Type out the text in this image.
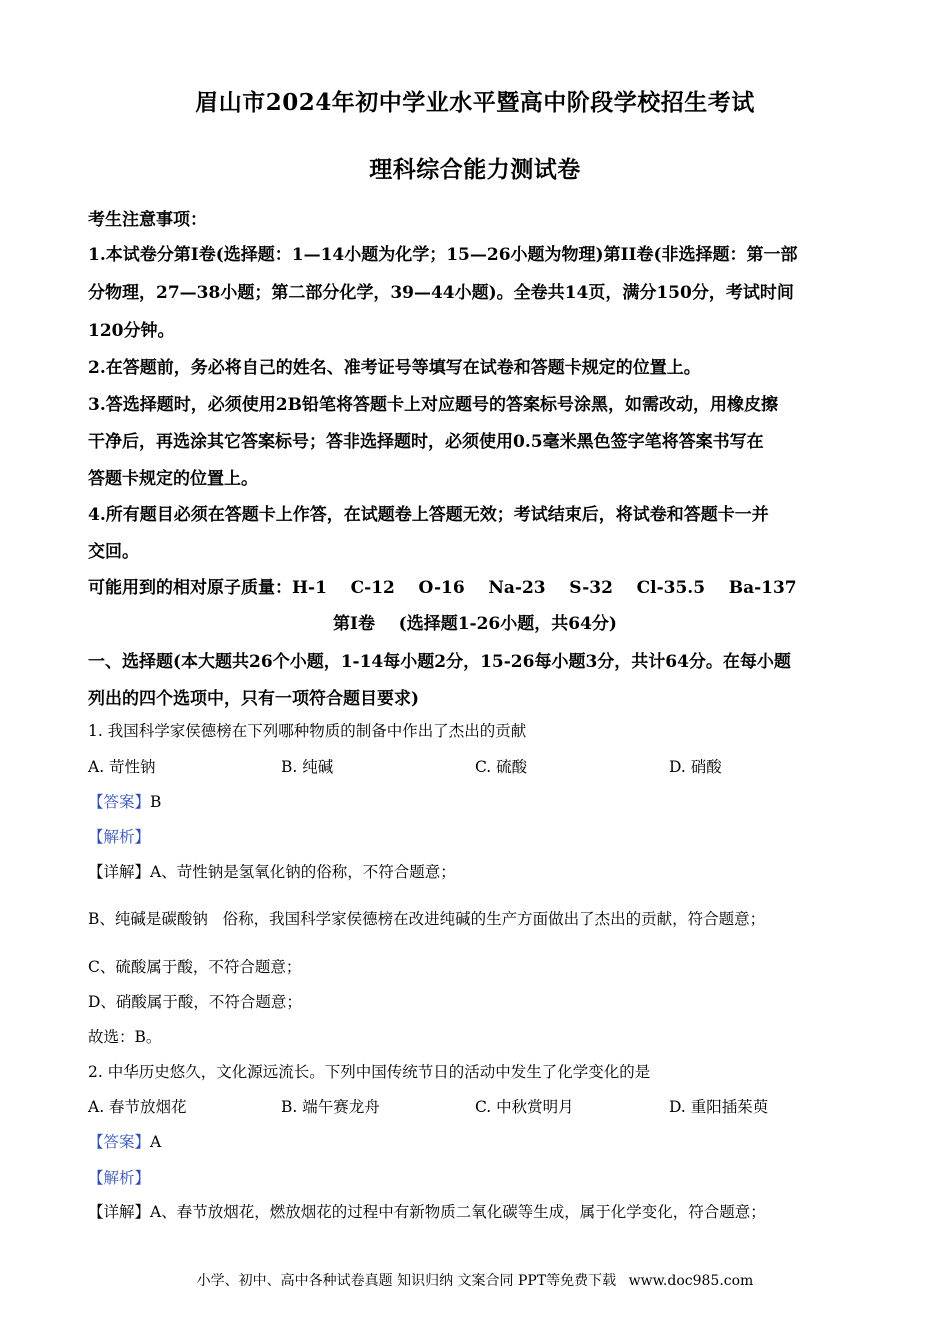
眉山市2024年初中学业水平暨高中阶段学校招生考试
理科综合能力测试卷
考生注意事项：
1.本试卷分第I卷(选择题：1—14小题为化学；15—26小题为物理)第II卷(非选择题：第一部
分物理，27—38小题；第二部分化学，39—44小题)。全卷共14页，满分150分，考试时间
120分钟。
2.在答题前，务必将自己的姓名、准考证号等填写在试卷和答题卡规定的位置上。
3.答选择题时，必须使用2B铅笔将答题卡上对应题号的答案标号涂黑，如需改动，用橡皮擦
干净后，再选涂其它答案标号；答非选择题时，必须使用0.5毫米黑色签字笔将答案书写在
答题卡规定的位置上。
4.所有题目必须在答题卡上作答，在试题卷上答题无效；考试结束后，将试卷和答题卡一并
交回。
可能用到的相对原子质量：H-1    C-12    O-16    Na-23    S-32    Cl-35.5    Ba-137
第I卷    (选择题1-26小题，共64分)
一、选择题(本大题共26个小题，1-14每小题2分，15-26每小题3分，共计64分。在每小题
列出的四个选项中，只有一项符合题目要求)
1. 我国科学家侯德榜在下列哪种物质的制备中作出了杰出的贡献
A. 苛性钠	B. 纯碱	C. 硫酸	D. 硝酸
【答案】B
【解析】
【详解】A、苛性钠是氢氧化钠的俗称，不符合题意；
B、纯碱是碳酸钠   俗称，我国科学家侯德榜在改进纯碱的生产方面做出了杰出的贡献，符合题意；
C、硫酸属于酸，不符合题意；
D、硝酸属于酸，不符合题意；
故选：B。
2. 中华历史悠久，文化源远流长。下列中国传统节日的活动中发生了化学变化的是
A. 春节放烟花	B. 端午赛龙舟	C. 中秋赏明月	D. 重阳插茱萸
【答案】A
【解析】
【详解】A、春节放烟花，燃放烟花的过程中有新物质二氧化碳等生成，属于化学变化，符合题意；
小学、初中、高中各种试卷真题 知识归纳 文案合同 PPT等免费下载 www.doc985.com
